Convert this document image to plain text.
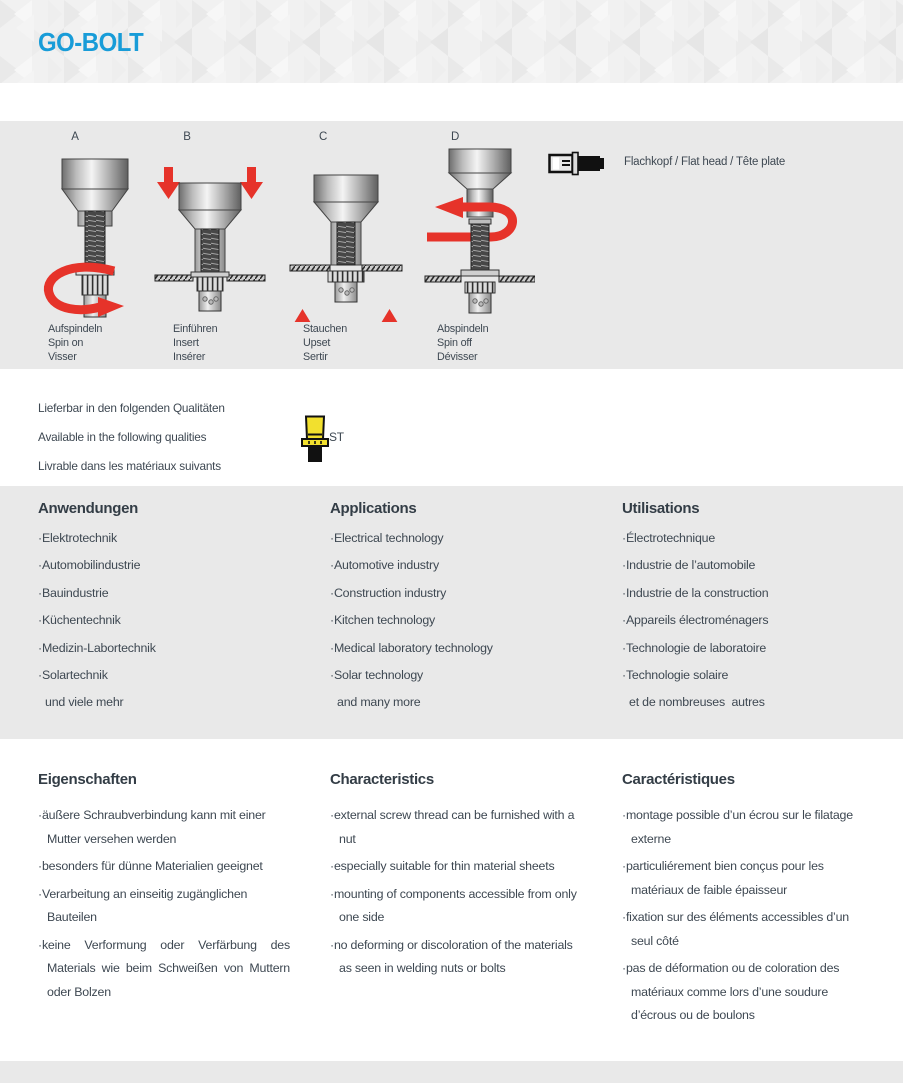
GO-BOLT
A	B	C	D
Aufspindeln
Spin on
Visser
Einführen
Insert
Insérer
Stauchen
Upset
Sertir
Abspindeln
Spin off
Dévisser
Flachkopf / Flat head / Tête plate

Lieferbar in den folgenden Qualitäten

Available in the following qualities

Livrable dans les matériaux suivants

ST
Anwendungen
· Elektrotechnik
· Automobilindustrie
· Bauindustrie
· Küchentechnik
· Medizin-Labortechnik
· Solartechnik
und viele mehr
Applications
· Electrical technology
· Automotive industry
· Construction industry
· Kitchen technology
· Medical laboratory technology
· Solar technology
and many more
Utilisations
· Électrotechnique
· Industrie de l’automobile
· Industrie de la construction
· Appareils électroménagers
· Technologie de laboratoire
· Technologie solaire
et de nombreuses  autres
Eigenschaften
· äußere Schraubverbindung kann mit einer Mutter versehen werden
· besonders für dünne Materialien geeignet
· Verarbeitung an einseitig zugänglichen Bauteilen
· keine Verformung oder Verfärbung des Materials wie beim Schweißen von Muttern oder Bolzen
Characteristics
· external screw thread can be furnished with a nut
· especially suitable for thin material sheets
· mounting of components accessible from only one side
· no deforming or discoloration of the materials as seen in welding nuts or bolts
Caractéristiques
· montage possible d’un écrou sur le filatage externe
· particuliérement bien conçus pour les matériaux de faible épaisseur
· fixation sur des éléments accessibles d’un seul côté
· pas de déformation ou de coloration des matériaux comme lors d’une soudure d’écrous ou de boulons
